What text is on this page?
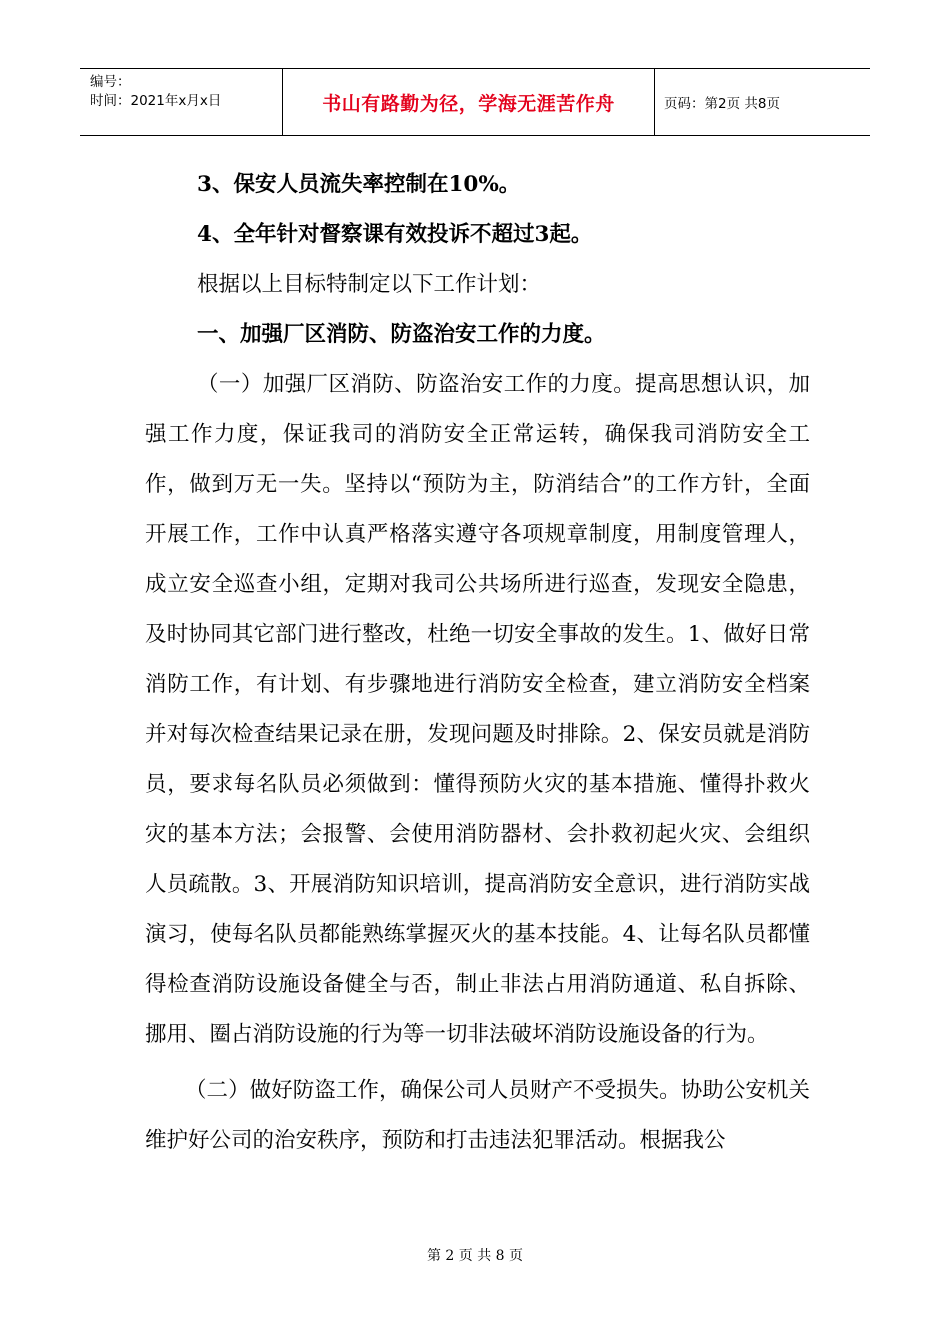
编号：
时间：2021年x月x日	书山有路勤为径，学海无涯苦作舟	页码：第2页 共8页

3、保安人员流失率控制在10%。

4、全年针对督察课有效投诉不超过3起。

根据以上目标特制定以下工作计划：

一、加强厂区消防、防盗治安工作的力度。

（一）加强厂区消防、防盗治安工作的力度。提高思想认识，加强工作力度，保证我司的消防安全正常运转，确保我司消防安全工作，做到万无一失。坚持以“预防为主，防消结合”的工作方针，全面开展工作，工作中认真严格落实遵守各项规章制度，用制度管理人，成立安全巡查小组，定期对我司公共场所进行巡查，发现安全隐患，及时协同其它部门进行整改，杜绝一切安全事故的发生。1、做好日常消防工作，有计划、有步骤地进行消防安全检查，建立消防安全档案并对每次检查结果记录在册，发现问题及时排除。2、保安员就是消防员，要求每名队员必须做到：懂得预防火灾的基本措施、懂得扑救火灾的基本方法；会报警、会使用消防器材、会扑救初起火灾、会组织人员疏散。3、开展消防知识培训，提高消防安全意识，进行消防实战演习，使每名队员都能熟练掌握灭火的基本技能。4、让每名队员都懂得检查消防设施设备健全与否，制止非法占用消防通道、私自拆除、挪用、圈占消防设施的行为等一切非法破坏消防设施设备的行为。

（二）做好防盗工作，确保公司人员财产不受损失。协助公安机关维护好公司的治安秩序，预防和打击违法犯罪活动。根据我公

第 2 页 共 8 页
